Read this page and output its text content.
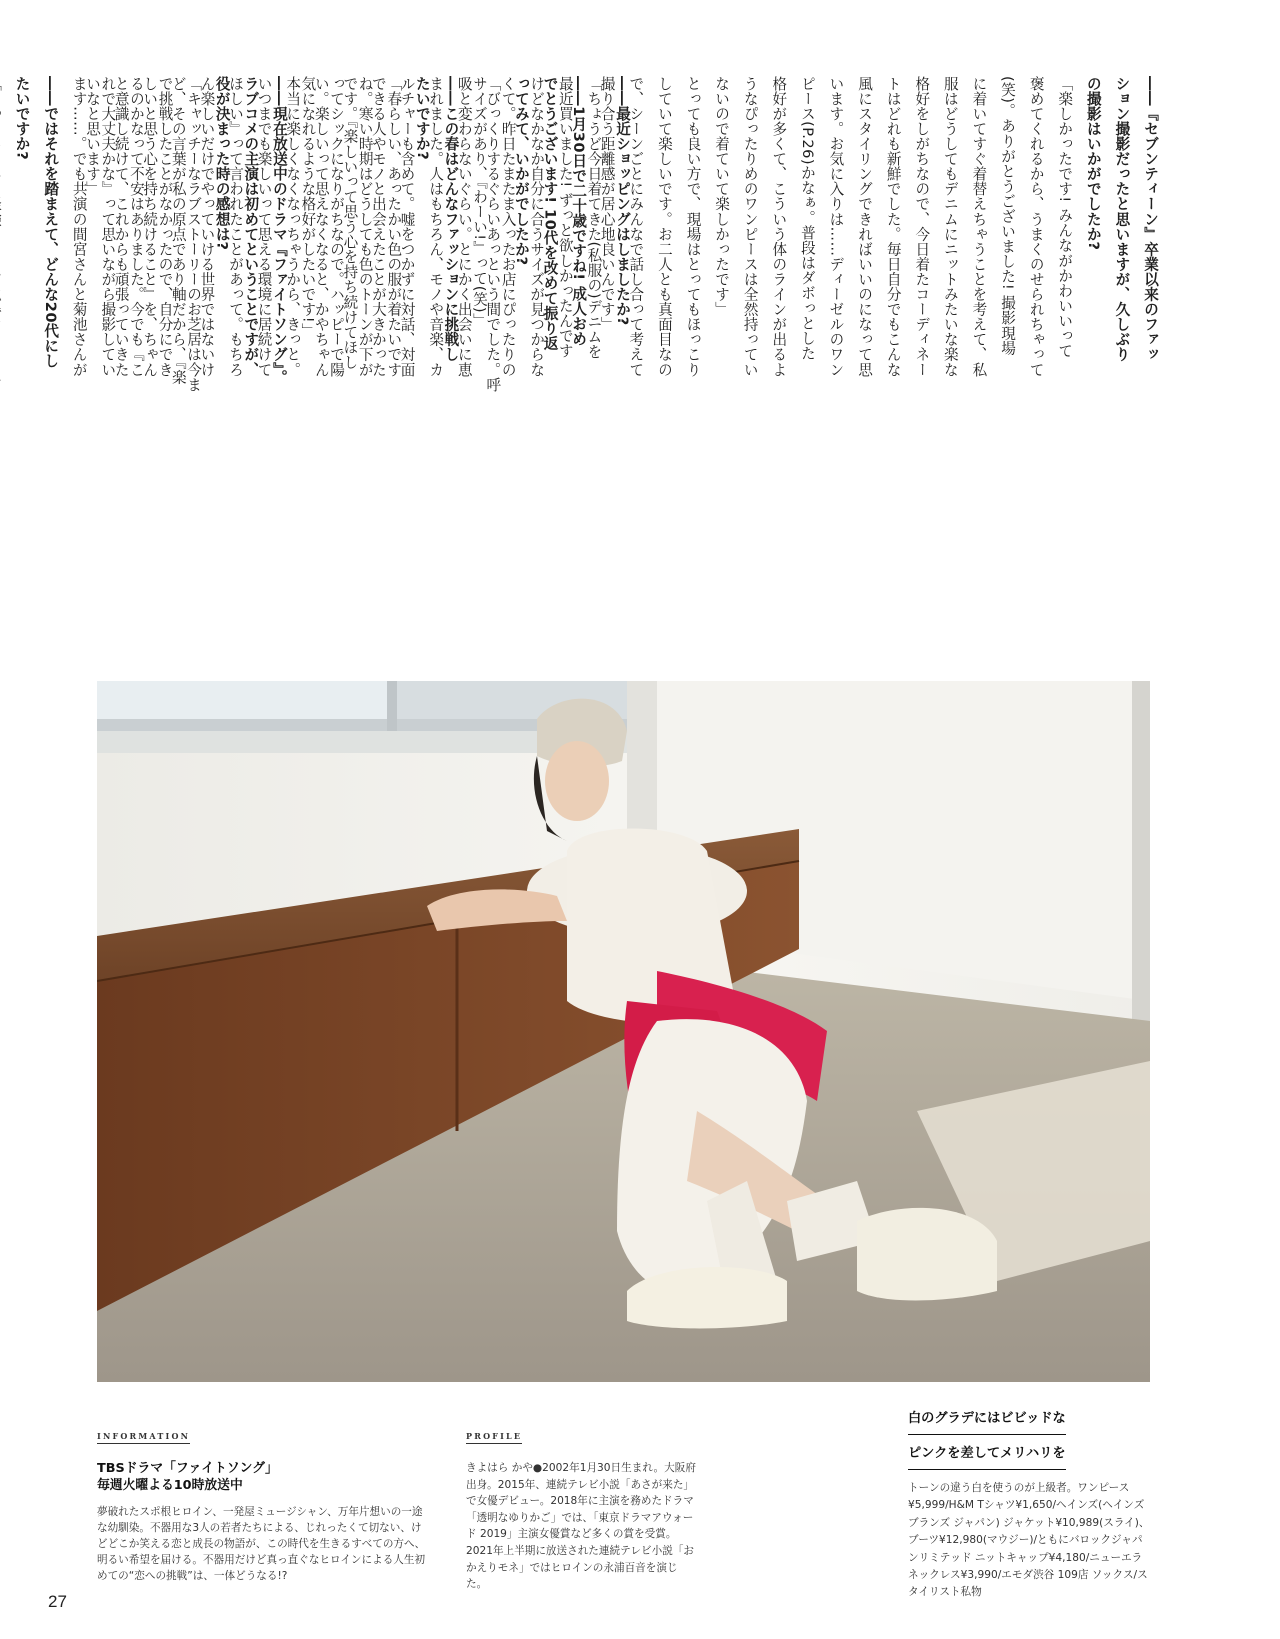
――『セブンティーン』卒業以来のファッ
ション撮影だったと思いますが、久しぶり
の撮影はいかがでしたか?

「楽しかったです! みんながかわいいって
褒めてくれるから、うまくのせられちゃって
(笑)。ありがとうございました! 撮影現場
に着いてすぐ着替えちゃうことを考えて、私
服はどうしてもデニムにニットみたいな楽な
格好をしがちなので、今日着たコーディネー
トはどれも新鮮でした。毎日自分でもこんな
風にスタイリングできればいいのになって思
います。お気に入りは……ディーゼルのワン
ピース(P.26)かなぁ。普段はダボっとした
格好が多くて、こういう体のラインが出るよ
うなぴったりめのワンピースは全然持ってい
ないので着ていて楽しかったです」

とっても良い方で、現場はとってもほっこり
していて楽しいです。お二人とも真面目なの
で、シーンごとにみんなで話し合って考えて
撮り合う距離感が居心地良いんです」

――1月30日で二十歳ですね! 成人おめ
でとうございます! 10代を改めて振り返
ってみて、いかがでしたか?

「びっくりするぐらいあっという間でした。呼
吸と変わらないぐらい。とにかく出会いに恵
まれました。人はもちろん、モノや音楽、カ
ルチャーも含めて。嘘をつかずに対話、対面
できる人やモノと出会えたことが大きかった
です。『楽しいって思う心を持ち続けてほし
い。楽しいって思えなくなると、かやちゃん
本当に楽しくなくなっちゃうから、きっと。
いつまでも楽しいって思える環境に居続けて
ほしい』って言われたことがあって。もちろ
ん楽しいだけでやっていける世界ではないけ
ど、その言葉が私の原点であり軸だから、『楽
しいと思う心を持ち続けること』を、ちゃん
と意識し続けて、これからも頑張っていきた
いなと思います」	――最近ショッピングはしましたか?

「ちょうど今日着てきた(私服の)デニムを
最近買いました! ずっと欲しかったんです
けどなかなか自分に合うサイズが見つからな
くて。昨日たまたま入ったお店にぴったりの
サイズがあり、『わーい!』って(笑)」

――この春はどんなファッションに挑戦し
たいですか?

「春らしい、あったかい色の服が着たいです
ね。寒い時期はどうしても色のトーンが下が
ってシックになりがちなので。ハッピーで陽
気になれるような格好がしたいです!」

――現在放送中のドラマ『ファイトソング』。
ラブコメの主演は初めてということですが、
役が決まった時の感想は?

「キャッチーなラブストーリーのお芝居は今ま
で挑戦したことがなかったので、自分にでき
るのかなって不安はありました。今でも『こ
れで大丈夫かな』って思いながら撮影してい
ます……。でも共演の間宮さんと菊池さんが

――ではそれを踏まえて、どんな20代にし
たいですか?

INFORMATION

TBSドラマ「ファイトソング」
毎週火曜よる10時放送中

夢破れたスポ根ヒロイン、一発屋ミュージシャン、万年片想いの一途な幼馴染。不器用な3人の若者たちによる、じれったくて切ない、けどどこか笑える恋と成長の物語が、この時代を生きるすべての方へ、明るい希望を届ける。不器用だけど真っ直ぐなヒロインによる人生初めての“恋への挑戦”は、一体どうなる!?

PROFILE

きよはら かや●2002年1月30日生まれ。大阪府出身。2015年、連続テレビ小説「あさが来た」で女優デビュー。2018年に主演を務めたドラマ「透明なゆりかご」では、「東京ドラマアウォード 2019」主演女優賞など多くの賞を受賞。2021年上半期に放送された連続テレビ小説「おかえりモネ」ではヒロインの永浦百音を演じた。

白のグラデにはビビッドな

ピンクを差してメリハリを

トーンの違う白を使うのが上級者。ワンピース¥5,999/H&M Tシャツ¥1,650/ヘインズ(ヘインズブランズ ジャパン) ジャケット¥10,989(スライ)、ブーツ¥12,980(マウジー)/ともにバロックジャパンリミテッド ニットキャップ¥4,180/ニューエラ ネックレス¥3,990/エモダ渋谷 109店 ソックス/スタイリスト私物

27
